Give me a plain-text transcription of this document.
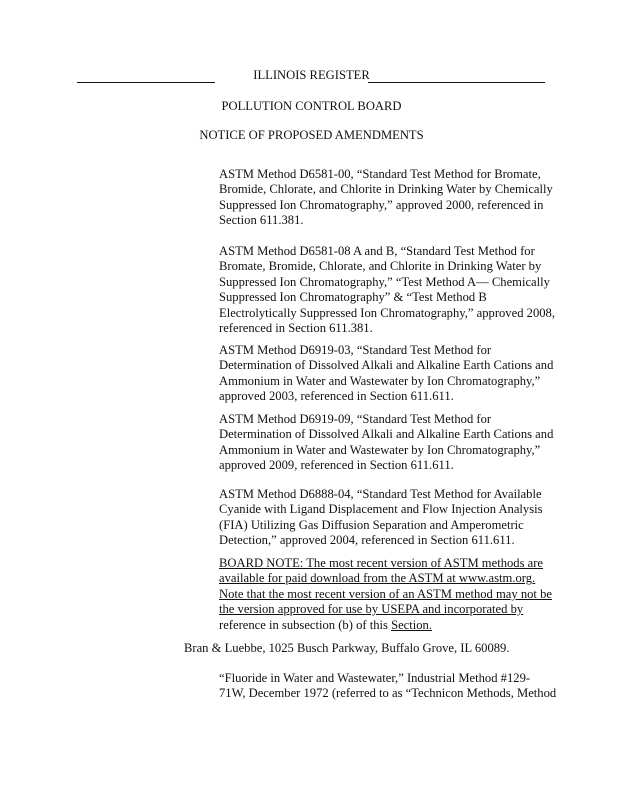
ILLINOIS REGISTER
POLLUTION CONTROL BOARD
NOTICE OF PROPOSED AMENDMENTS
ASTM Method D6581-00, “Standard Test Method for Bromate,
Bromide, Chlorate, and Chlorite in Drinking Water by Chemically
Suppressed Ion Chromatography,” approved 2000, referenced in
Section 611.381.
ASTM Method D6581-08 A and B, “Standard Test Method for
Bromate, Bromide, Chlorate, and Chlorite in Drinking Water by
Suppressed Ion Chromatography,” “Test Method A— Chemically
Suppressed Ion Chromatography” & “Test Method B
Electrolytically Suppressed Ion Chromatography,” approved 2008,
referenced in Section 611.381.
ASTM Method D6919-03, “Standard Test Method for
Determination of Dissolved Alkali and Alkaline Earth Cations and
Ammonium in Water and Wastewater by Ion Chromatography,”
approved 2003, referenced in Section 611.611.
ASTM Method D6919-09, “Standard Test Method for
Determination of Dissolved Alkali and Alkaline Earth Cations and
Ammonium in Water and Wastewater by Ion Chromatography,”
approved 2009, referenced in Section 611.611.
ASTM Method D6888-04, “Standard Test Method for Available
Cyanide with Ligand Displacement and Flow Injection Analysis
(FIA) Utilizing Gas Diffusion Separation and Amperometric
Detection,” approved 2004, referenced in Section 611.611.
BOARD NOTE: The most recent version of ASTM methods are
available for paid download from the ASTM at www.astm.org.
Note that the most recent version of an ASTM method may not be
the version approved for use by USEPA and incorporated by
reference in subsection (b) of this Section.
Bran & Luebbe, 1025 Busch Parkway, Buffalo Grove, IL 60089.
“Fluoride in Water and Wastewater,” Industrial Method #129-
71W, December 1972 (referred to as “Technicon Methods, Method
